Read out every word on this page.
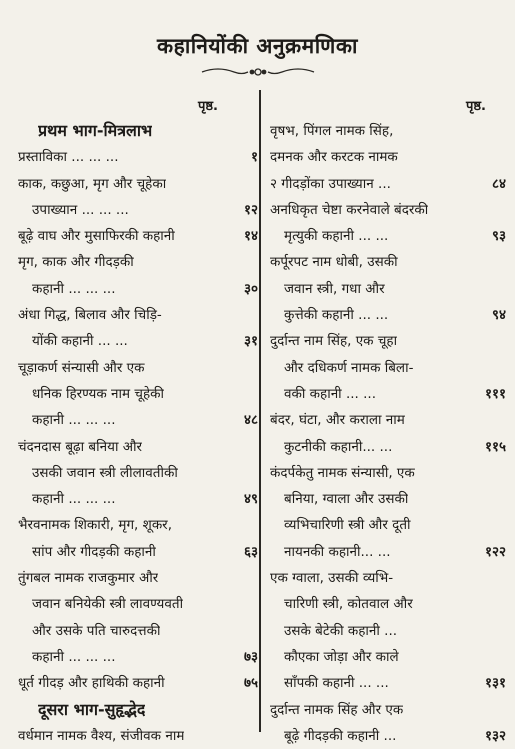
कहानियोंकी अनुक्रमणिका
पृष्ठ.	पृष्ठ.
प्रथम भाग-मित्रलाभ
प्रस्ताविका ... ... ...	१
काक, कछुआ, मृग और चूहेका
उपाख्यान ... ... ...	१२
बूढ़े वाघ और मुसाफिरकी कहानी	१४
मृग, काक और गीदड़की
कहानी ... ... ...	३०
अंधा गिद्ध, बिलाव और चिड़ि-
योंकी कहानी ... ...	३१
चूड़ाकर्ण संन्यासी और एक
धनिक हिरण्यक नाम चूहेकी
कहानी ... ... ...	४८
चंदनदास बूढ़ा बनिया और
उसकी जवान स्त्री लीलावतीकी
कहानी ... ... ...	४९
भैरवनामक शिकारी, मृग, शूकर,
सांप और गीदड़की कहानी	६३
तुंगबल नामक राजकुमार और
जवान बनियेकी स्त्री लावण्यवती
और उसके पति चारुदत्तकी
कहानी ... ... ...	७३
धूर्त गीदड़ और हाथिकी कहानी	७५
दूसरा भाग-सुहृद्भेद
वर्धमान नामक वैश्य, संजीवक नाम
वृषभ, पिंगल नामक सिंह,
दमनक और करटक नामक
२ गीदड़ोंका उपाख्यान ...	८४
अनधिकृत चेष्टा करनेवाले बंदरकी
मृत्युकी कहानी ... ...	९३
कर्पूरपट नाम धोबी, उसकी
जवान स्त्री, गधा और
कुत्तेकी कहानी ... ...	९४
दुर्दान्त नाम सिंह, एक चूहा
और दधिकर्ण नामक बिला-
वकी कहानी ... ...	१११
बंदर, घंटा, और कराला नाम
कुटनीकी कहानी... ...	११५
कंदर्पकेतु नामक संन्यासी, एक
बनिया, ग्वाला और उसकी
व्यभिचारिणी स्त्री और दूती
नायनकी कहानी... ...	१२२
एक ग्वाला, उसकी व्यभि-
चारिणी स्त्री, कोतवाल और
उसके बेटेकी कहानी ...
कौएका जोड़ा और काले
साँपकी कहानी ... ...	१३१
दुर्दान्त नामक सिंह और एक
बूढ़े गीदड़की कहानी ...	१३२
